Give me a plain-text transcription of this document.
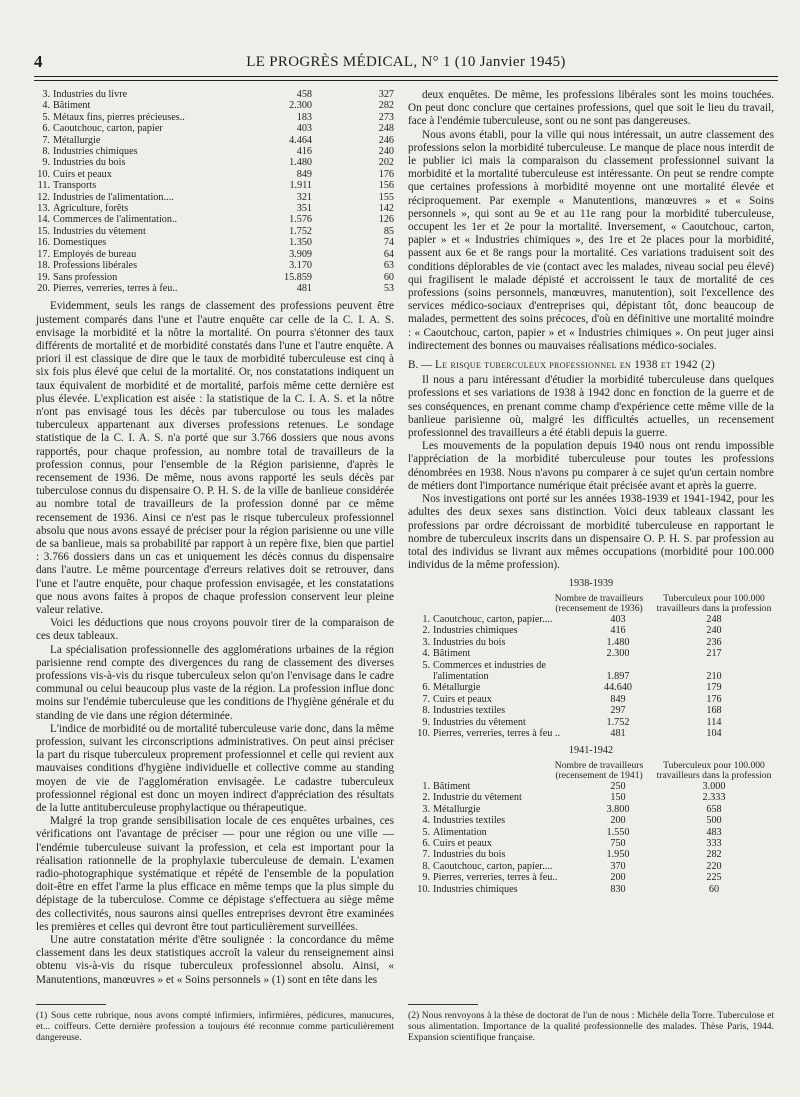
4	LE PROGRÈS MÉDICAL, N° 1 (10 Janvier 1945)
3.	Industries du livre	458	327
4.	Bâtiment	2.300	282
5.	Métaux fins, pierres précieuses..	183	273
6.	Caoutchouc, carton, papier	403	248
7.	Métallurgie	4.464	246
8.	Industries chimiques	416	240
9.	Industries du bois	1.480	202
10.	Cuirs et peaux	849	176
11.	Transports	1.911	156
12.	Industries de l'alimentation....	321	155
13.	Agriculture, forêts	351	142
14.	Commerces de l'alimentation..	1.576	126
15.	Industries du vêtement	1.752	85
16.	Domestiques	1.350	74
17.	Employés de bureau	3.909	64
18.	Professions libérales	3.170	63
19.	Sans profession	15.859	60
20.	Pierres, verreries, terres à feu..	481	53

Evidemment, seuls les rangs de classement des professions peuvent être justement comparés dans l'une et l'autre enquête car celle de la C. I. A. S. envisage la morbidité et la nôtre la mortalité. On pourra s'étonner des taux différents de mortalité et de morbidité constatés dans l'une et l'autre enquête. A priori il est classique de dire que le taux de morbidité tuberculeuse est cinq à six fois plus élevé que celui de la mortalité. Or, nos constatations indiquent un taux équivalent de morbidité et de mortalité, parfois même cette dernière est plus élevée. L'explication est aisée : la statistique de la C. I. A. S. et la nôtre n'ont pas envisagé tous les décès par tuberculose ou tous les malades tuberculeux appartenant aux diverses professions retenues. Le sondage statistique de la C. I. A. S. n'a porté que sur 3.766 dossiers que nous avons rapportés, pour chaque profession, au nombre total de travailleurs de la profession connus, pour l'ensemble de la Région parisienne, d'après le recensement de 1936. De même, nous avons rapporté les seuls décès par tuberculose connus du dispensaire O. P. H. S. de la ville de banlieue considérée au nombre total de travailleurs de la profession donné par ce même recensement de 1936. Ainsi ce n'est pas le risque tuberculeux professionnel absolu que nous avons essayé de préciser pour la région parisienne ou une ville de sa banlieue, mais sa probabilité par rapport à un repère fixe, bien que partiel : 3.766 dossiers dans un cas et uniquement les décès connus du dispensaire dans l'autre. Le même pourcentage d'erreurs relatives doit se retrouver, dans l'une et l'autre enquête, pour chaque profession envisagée, et les constatations que nous avons faites à propos de chaque profession conservent leur pleine valeur relative.

Voici les déductions que nous croyons pouvoir tirer de la comparaison de ces deux tableaux.

La spécialisation professionnelle des agglomérations urbaines de la région parisienne rend compte des divergences du rang de classement des diverses professions vis-à-vis du risque tuberculeux selon qu'on l'envisage dans le cadre communal ou celui beaucoup plus vaste de la région. La profession influe donc moins sur l'endémie tuberculeuse que les conditions de l'hygiène générale et du standing de vie dans une région déterminée.

L'indice de morbidité ou de mortalité tuberculeuse varie donc, dans la même profession, suivant les circonscriptions administratives. On peut ainsi préciser la part du risque tuberculeux proprement professionnel et celle qui revient aux mauvaises conditions d'hygiène individuelle et collective comme au standing moyen de vie de l'agglomération envisagée. Le cadastre tuberculeux professionnel régional est donc un moyen indirect d'appréciation des résultats de la lutte antituberculeuse prophylactique ou thérapeutique.

Malgré la trop grande sensibilisation locale de ces enquêtes urbaines, ces vérifications ont l'avantage de préciser — pour une région ou une ville — l'endémie tuberculeuse suivant la profession, et cela est important pour la réalisation rationnelle de la prophylaxie tuberculeuse de demain. L'examen radio-photographique systématique et répété de l'ensemble de la population doit-être en effet l'arme la plus efficace en même temps que la plus simple du dépistage de la tuberculose. Comme ce dépistage s'effectuera au siège même des collectivités, nous saurons ainsi quelles entreprises devront être examinées les premières et celles qui devront être tout particulièrement surveillées.

Une autre constatation mérite d'être soulignée : la concordance du même classement dans les deux statistiques accroît la valeur du renseignement ainsi obtenu vis-à-vis du risque tuberculeux professionnel absolu. Ainsi, « Manutentions, manœuvres » et « Soins personnels » (1) sont en tête dans les

deux enquêtes. De même, les professions libérales sont les moins touchées. On peut donc conclure que certaines professions, quel que soit le lieu du travail, face à l'endémie tuberculeuse, sont ou ne sont pas dangereuses.

Nous avons établi, pour la ville qui nous intéressait, un autre classement des professions selon la morbidité tuberculeuse. Le manque de place nous interdit de le publier ici mais la comparaison du classement professionnel suivant la morbidité et la mortalité tuberculeuse est intéressante. On peut se rendre compte que certaines professions à morbidité moyenne ont une mortalité élevée et réciproquement. Par exemple « Manutentions, manœuvres » et « Soins personnels », qui sont au 9e et au 11e rang pour la morbidité tuberculeuse, occupent les 1er et 2e pour la mortalité. Inversement, « Caoutchouc, carton, papier » et « Industries chimiques », des 1re et 2e places pour la morbidité, passent aux 6e et 8e rangs pour la mortalité. Ces variations traduisent soit des conditions déplorables de vie (contact avec les malades, niveau social peu élevé) qui fragilisent le malade dépisté et accroissent le taux de mortalité de ces professions (soins personnels, manœuvres, manutention), soit l'excellence des services médico-sociaux d'entreprises qui, dépistant tôt, donc beaucoup de malades, permettent des soins précoces, d'où en définitive une mortalité moindre : « Caoutchouc, carton, papier » et « Industries chimiques ». On peut juger ainsi indirectement des bonnes ou mauvaises réalisations médico-sociales.

B. — Le risque tuberculeux professionnel en 1938 et 1942 (2)

Il nous a paru intéressant d'étudier la morbidité tuberculeuse dans quelques professions et ses variations de 1938 à 1942 donc en fonction de la guerre et de ses conséquences, en prenant comme champ d'expérience cette même ville de la banlieue parisienne où, malgré les difficultés actuelles, un recensement professionnel des travailleurs a été établi depuis la guerre.

Les mouvements de la population depuis 1940 nous ont rendu impossible l'appréciation de la morbidité tuberculeuse pour toutes les professions dénombrées en 1938. Nous n'avons pu comparer à ce sujet qu'un certain nombre de métiers dont l'importance numérique était précisée avant et après la guerre.

Nos investigations ont porté sur les années 1938-1939 et 1941-1942, pour les adultes des deux sexes sans distinction. Voici deux tableaux classant les professions par ordre décroissant de morbidité tuberculeuse en rapportant le nombre de tuberculeux inscrits dans un dispensaire O. P. H. S. par profession au total des individus se livrant aux mêmes occupations (morbidité pour 100.000 individus de la même profession).

1938-1939
Nombre de travailleurs (recensement de 1936)
Tuberculeux pour 100.000 travailleurs dans la profession
1.	Caoutchouc, carton, papier....	403	248
2.	Industries chimiques	416	240
3.	Industries du bois	1.480	236
4.	Bâtiment	2.300	217
5.	Commerces et industries de		
	l'alimentation	1.897	210
6.	Métallurgie	44.640	179
7.	Cuirs et peaux	849	176
8.	Industries textiles	297	168
9.	Industries du vêtement	1.752	114
10.	Pierres, verreries, terres à feu ..	481	104
1941-1942
Nombre de travailleurs (recensement de 1941)
Tuberculeux pour 100.000 travailleurs dans la profession
1.	Bâtiment	250	3.000
2.	Industrie du vêtement	150	2.333
3.	Métallurgie	3.800	658
4.	Industries textiles	200	500
5.	Alimentation	1.550	483
6.	Cuirs et peaux	750	333
7.	Industries du bois	1.950	282
8.	Caoutchouc, carton, papier....	370	220
9.	Pierres, verreries, terres à feu..	200	225
10.	Industries chimiques	830	60
(1) Sous cette rubrique, nous avons compté infirmiers, infirmières, pédicures, manucures, et... coiffeurs. Cette dernière profession a toujours été reconnue comme particulièrement dangereuse.
(2) Nous renvoyons à la thèse de doctorat de l'un de nous : Michèle della Torre. Tuberculose et sous alimentation. Importance de la qualité professionnelle des malades. Thèse Paris, 1944. Expansion scientifique française.
